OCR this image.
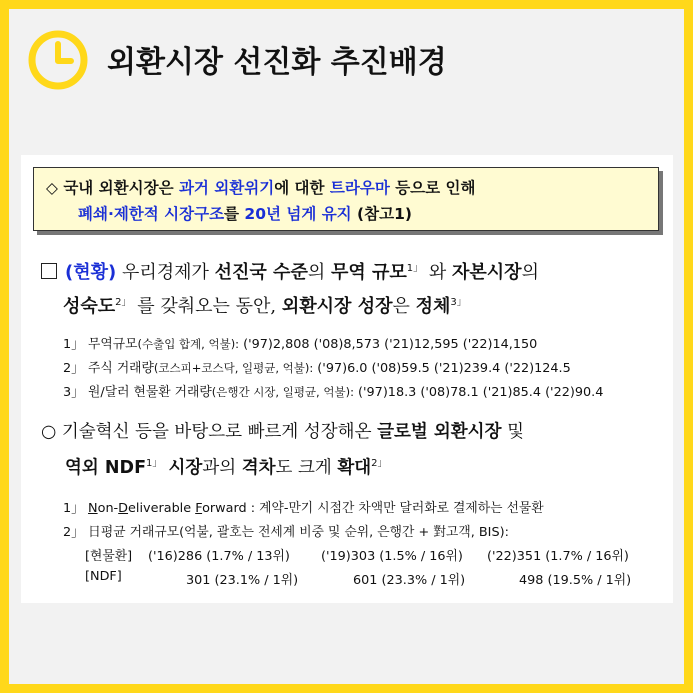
외환시장 선진화 추진배경
◇ 국내 외환시장은 과거 외환위기에 대한 트라우마 등으로 인해
폐쇄·제한적 시장구조를 20년 넘게 유지 (참고1)
(현황) 우리경제가 선진국 수준의 무역 규모$^{1」}$ 와 자본시장의
성숙도$^{2」}$ 를 갖춰오는 동안, 외환시장 성장은 정체$^{3」}$
1」 무역규모(수출입 합계, 억불): ('97)2,808 ('08)8,573 ('21)12,595 ('22)14,150
2」 주식 거래량(코스피+코스닥, 일평균, 억불): ('97)6.0 ('08)59.5 ('21)239.4 ('22)124.5
3」 원/달러 현물환 거래량(은행간 시장, 일평균, 억불): ('97)18.3 ('08)78.1 ('21)85.4 ('22)90.4
○ 기술혁신 등을 바탕으로 빠르게 성장해온 글로벌 외환시장 및
역외 $NDF^{1」}$ 시장과의 격차도 크게 확대$^{2」}$
1」 Non-Deliverable Forward : 계약-만기 시점간 차액만 달러화로 결제하는 선물환
2」 日평균 거래규모(억불, 괄호는 전세계 비중 및 순위, 은행간 + 對고객, BIS):
[현물환] ('16)286 (1.7% / 13위) ('19)303 (1.5% / 16위) ('22)351 (1.7% / 16위)
[NDF]	301 (23.1% / 1위)	601 (23.3% / 1위)	498 (19.5% / 1위)
